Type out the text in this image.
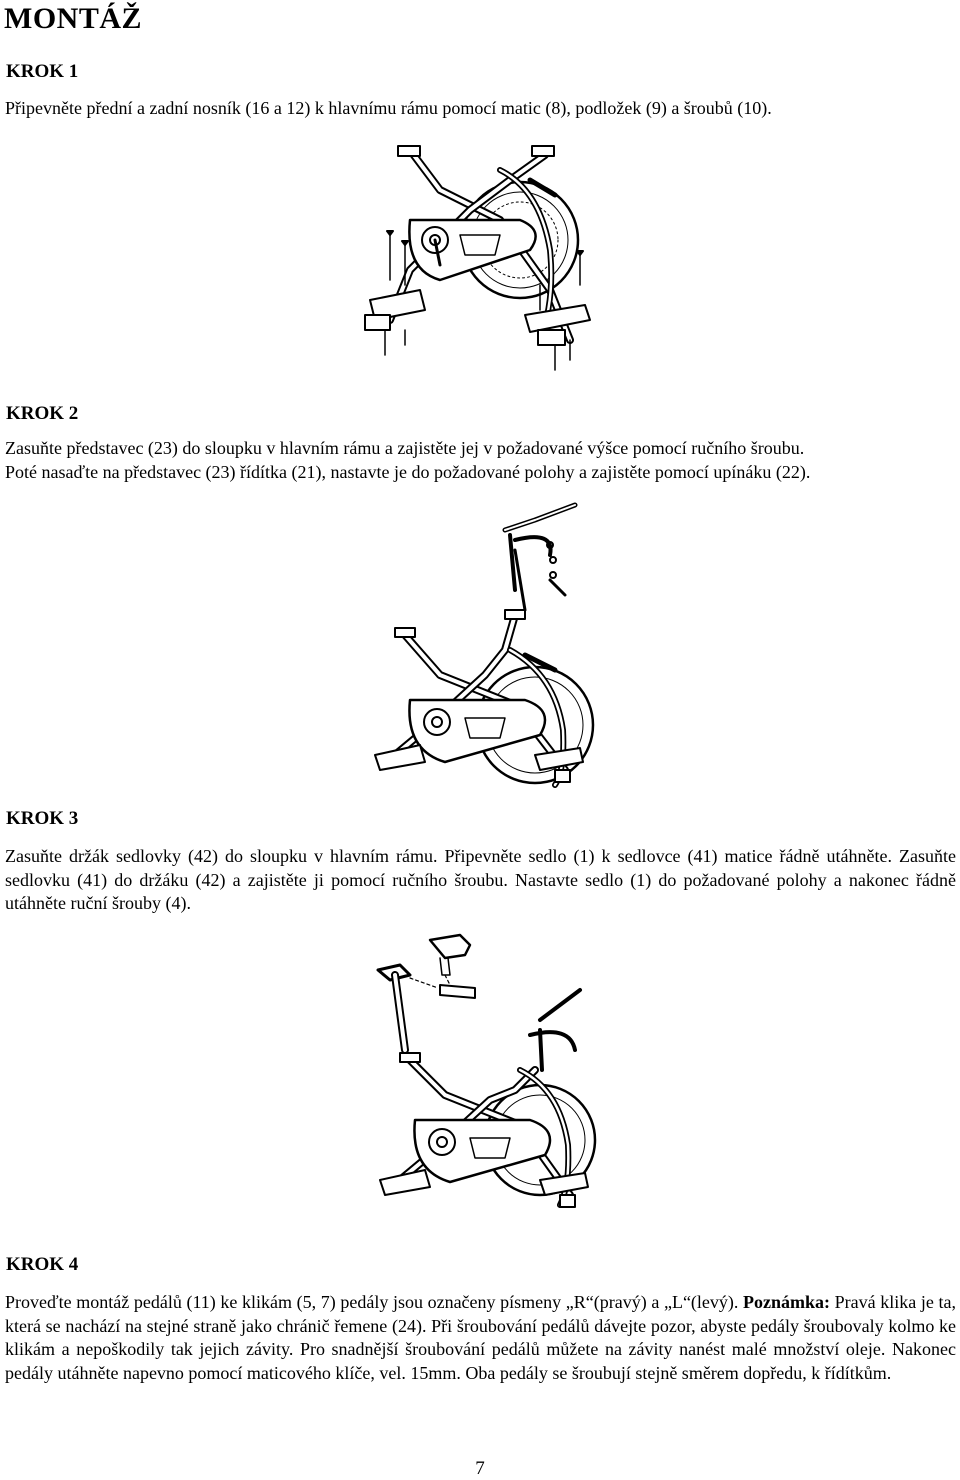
MONTÁŽ
KROK 1

Připevněte přední a zadní nosník (16 a 12) k hlavnímu rámu pomocí matic (8), podložek (9) a šroubů (10).

KROK 2

Zasuňte představec (23) do sloupku v hlavním rámu a zajistěte jej v požadované výšce pomocí ručního šroubu.
Poté nasaďte na představec (23) řídítka (21), nastavte je do požadované polohy a zajistěte pomocí upínáku (22).

KROK 3

Zasuňte držák sedlovky (42) do sloupku v hlavním rámu. Připevněte sedlo (1) k sedlovce (41) matice řádně utáhněte. Zasuňte sedlovku (41) do držáku (42) a zajistěte ji pomocí ručního šroubu. Nastavte sedlo (1) do požadované polohy a nakonec řádně utáhněte ruční šrouby (4).

KROK 4

Proveďte montáž pedálů (11) ke klikám (5, 7) pedály jsou označeny písmeny „R“(pravý) a „L“(levý). Poznámka: Pravá klika je ta, která se nachází na stejné straně jako chránič řemene (24). Při šroubování pedálů dávejte pozor, abyste pedály šroubovaly kolmo ke klikám a nepoškodily tak jejich závity. Pro snadnější šroubování pedálů můžete na závity nanést malé množství oleje. Nakonec pedály utáhněte napevno pomocí maticového klíče, vel. 15mm. Oba pedály se šroubují stejně směrem dopředu, k řídítkům.

7
